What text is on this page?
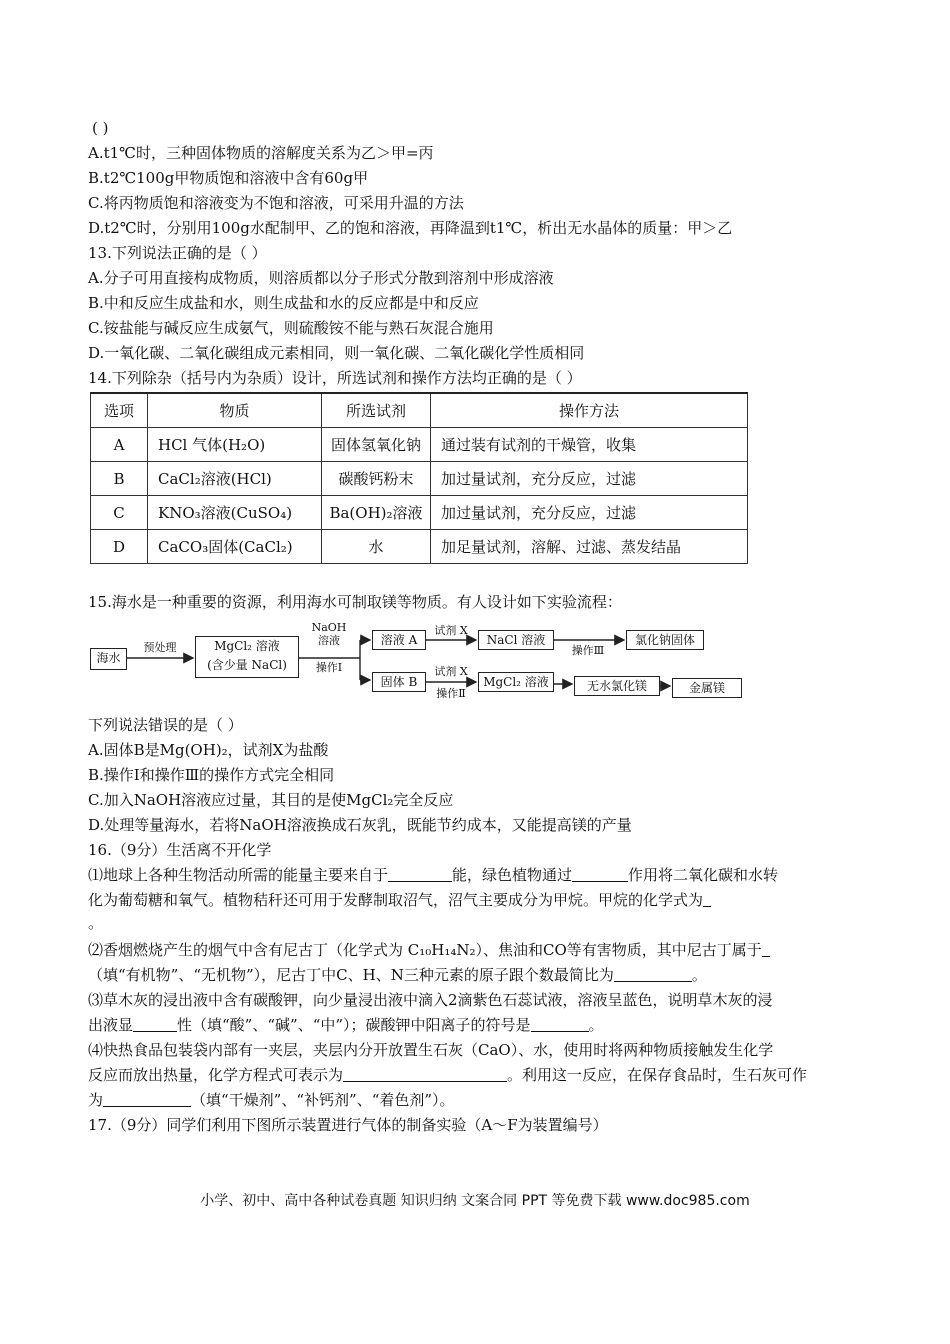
( )
A.t1℃时，三种固体物质的溶解度关系为乙＞甲=丙
B.t2℃100g甲物质饱和溶液中含有60g甲
C.将丙物质饱和溶液变为不饱和溶液，可采用升温的方法
D.t2℃时，分别用100g水配制甲、乙的饱和溶液，再降温到t1℃，析出无水晶体的质量：甲＞乙
13.下列说法正确的是（ ）
A.分子可用直接构成物质，则溶质都以分子形式分散到溶剂中形成溶液
B.中和反应生成盐和水，则生成盐和水的反应都是中和反应
C.铵盐能与碱反应生成氨气，则硫酸铵不能与熟石灰混合施用
D.一氧化碳、二氧化碳组成元素相同，则一氧化碳、二氧化碳化学性质相同
14.下列除杂（括号内为杂质）设计，所选试剂和操作方法均正确的是（ ）
选项	物质	所选试剂	操作方法
A	HCl 气体(H₂O)	固体氢氧化钠	通过装有试剂的干燥管，收集
B	CaCl₂溶液(HCl)	碳酸钙粉末	加过量试剂，充分反应，过滤
C	KNO₃溶液(CuSO₄)	Ba(OH)₂溶液	加过量试剂，充分反应，过滤
D	CaCO₃固体(CaCl₂)	水	加足量试剂，溶解、过滤、蒸发结晶
15.海水是一种重要的资源，利用海水可制取镁等物质。有人设计如下实验流程：
海水
预处理	MgCl₂ 溶液
(含少量 NaCl)
NaOH
溶液
操作Ⅰ
溶液 A
固体 B
试剂 X
试剂 X
操作Ⅱ
NaCl 溶液
操作Ⅲ
氯化钠固体
MgCl₂ 溶液	无水氯化镁	金属镁
下列说法错误的是（ ）
A.固体B是Mg(OH)₂，试剂X为盐酸
B.操作Ⅰ和操作Ⅲ的操作方式完全相同
C.加入NaOH溶液应过量，其目的是使MgCl₂完全反应
D.处理等量海水，若将NaOH溶液换成石灰乳，既能节约成本，又能提高镁的产量
16.（9分）生活离不开化学
⑴地球上各种生物活动所需的能量主要来自于	能，绿色植物通过	作用将二氧化碳和水转
化为葡萄糖和氧气。植物秸秆还可用于发酵制取沼气，沼气主要成分为甲烷。甲烷的化学式为
。
⑵香烟燃烧产生的烟气中含有尼古丁（化学式为 C₁₀H₁₄N₂）、焦油和CO等有害物质，其中尼古丁属于
（填“有机物”、“无机物”），尼古丁中C、H、N三种元素的原子跟个数最简比为	。
⑶草木灰的浸出液中含有碳酸钾，向少量浸出液中滴入2滴紫色石蕊试液，溶液呈蓝色，说明草木灰的浸
出液显	性（填“酸”、“碱”、“中”）；碳酸钾中阳离子的符号是	。
⑷快热食品包装袋内部有一夹层，夹层内分开放置生石灰（CaO）、水，使用时将两种物质接触发生化学
反应而放出热量，化学方程式可表示为	。利用这一反应，在保存食品时，生石灰可作
为	（填“干燥剂”、“补钙剂”、“着色剂”）。
17.（9分）同学们利用下图所示装置进行气体的制备实验（A～F为装置编号）
小学、初中、高中各种试卷真题 知识归纳 文案合同 PPT 等免费下载 www.doc985.com
